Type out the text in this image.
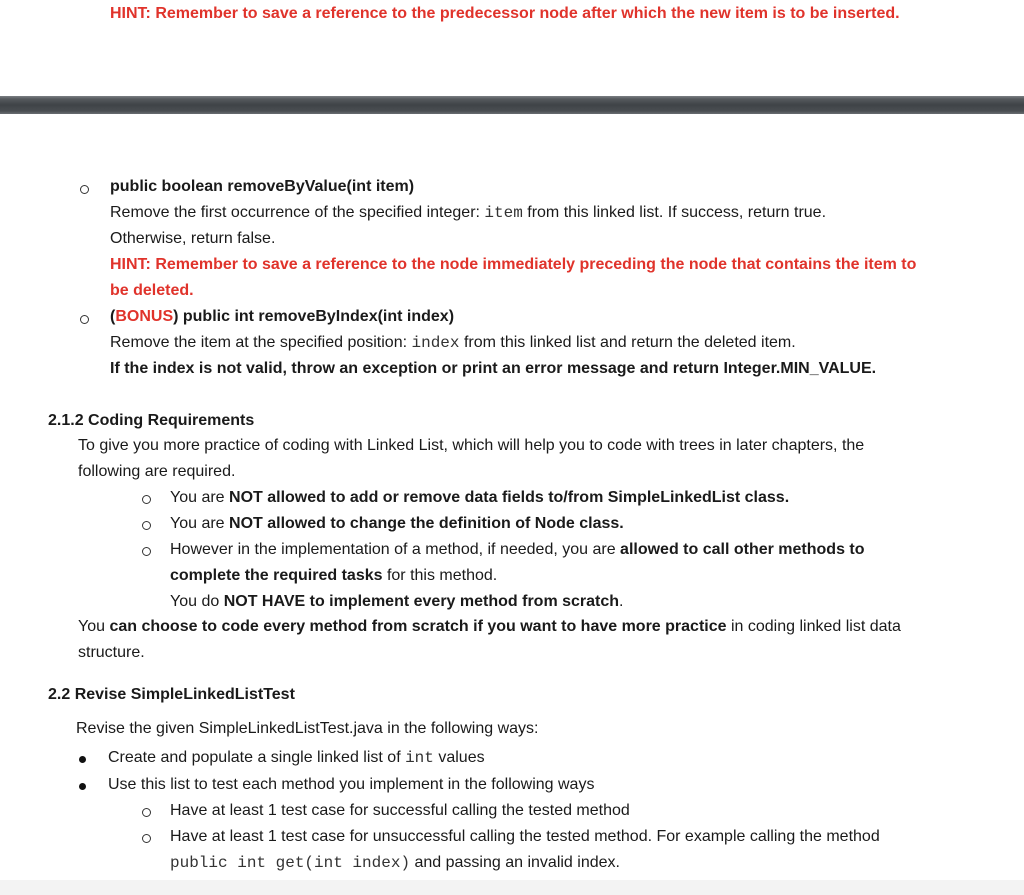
HINT: Remember to save a reference to the predecessor node after which the new item is to be inserted.
public boolean removeByValue(int item)
Remove the first occurrence of the specified integer: item from this linked list. If success, return true.
Otherwise, return false.
HINT: Remember to save a reference to the node immediately preceding the node that contains the item to
be deleted.
(BONUS) public int removeByIndex(int index)
Remove the item at the specified position: index from this linked list and return the deleted item.
If the index is not valid, throw an exception or print an error message and return Integer.MIN_VALUE.
2.1.2 Coding Requirements
To give you more practice of coding with Linked List, which will help you to code with trees in later chapters, the
following are required.
You are NOT allowed to add or remove data fields to/from SimpleLinkedList class.
You are NOT allowed to change the definition of Node class.
However in the implementation of a method, if needed, you are allowed to call other methods to
complete the required tasks for this method.
You do NOT HAVE to implement every method from scratch.
You can choose to code every method from scratch if you want to have more practice in coding linked list data
structure.
2.2 Revise SimpleLinkedListTest
Revise the given SimpleLinkedListTest.java in the following ways:
Create and populate a single linked list of int values
Use this list to test each method you implement in the following ways
Have at least 1 test case for successful calling the tested method
Have at least 1 test case for unsuccessful calling the tested method. For example calling the method
public int get(int index) and passing an invalid index.
